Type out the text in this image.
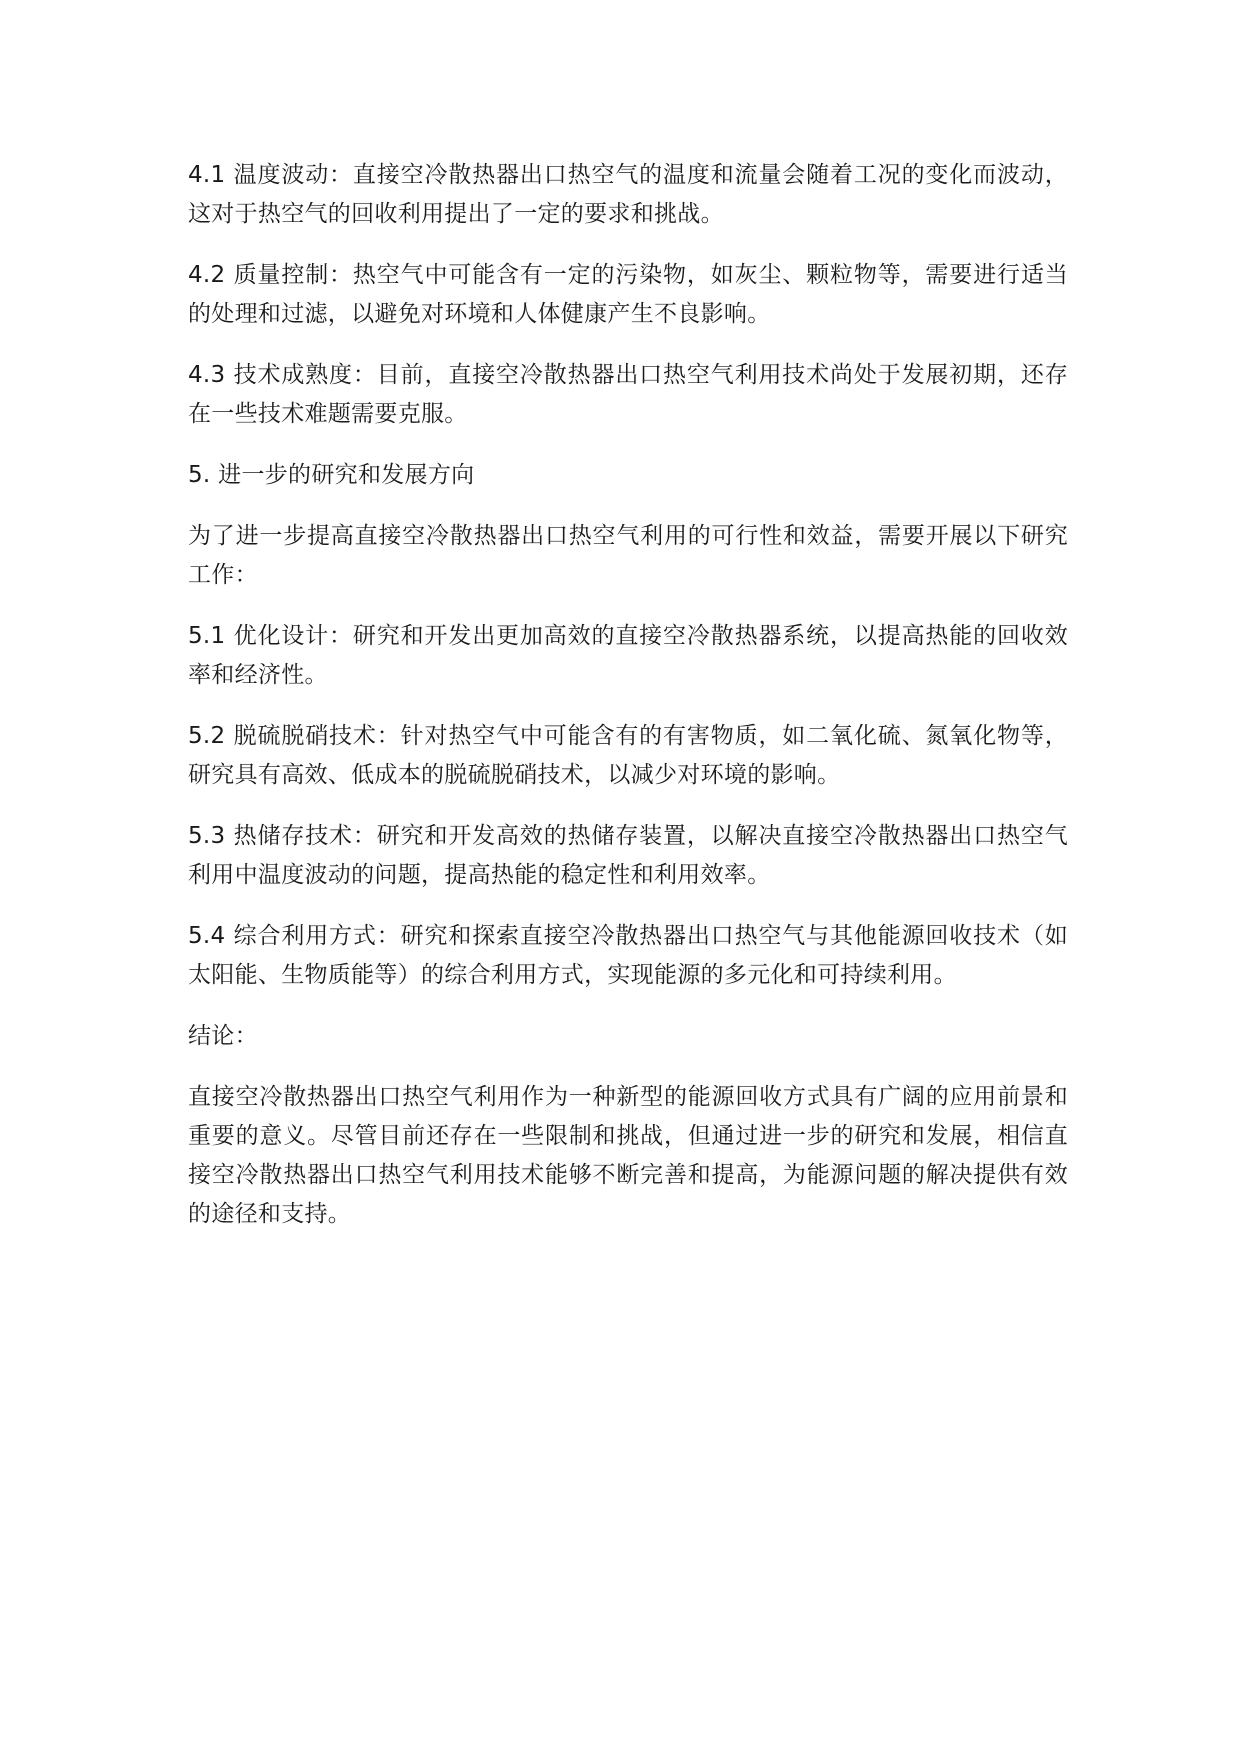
4.1 温度波动：直接空冷散热器出口热空气的温度和流量会随着工况的变化而波动，这对于热空气的回收利用提出了一定的要求和挑战。

4.2 质量控制：热空气中可能含有一定的污染物，如灰尘、颗粒物等，需要进行适当的处理和过滤，以避免对环境和人体健康产生不良影响。

4.3 技术成熟度：目前，直接空冷散热器出口热空气利用技术尚处于发展初期，还存在一些技术难题需要克服。

5. 进一步的研究和发展方向

为了进一步提高直接空冷散热器出口热空气利用的可行性和效益，需要开展以下研究工作：

5.1 优化设计：研究和开发出更加高效的直接空冷散热器系统，以提高热能的回收效率和经济性。

5.2 脱硫脱硝技术：针对热空气中可能含有的有害物质，如二氧化硫、氮氧化物等，研究具有高效、低成本的脱硫脱硝技术，以减少对环境的影响。

5.3 热储存技术：研究和开发高效的热储存装置，以解决直接空冷散热器出口热空气利用中温度波动的问题，提高热能的稳定性和利用效率。

5.4 综合利用方式：研究和探索直接空冷散热器出口热空气与其他能源回收技术（如太阳能、生物质能等）的综合利用方式，实现能源的多元化和可持续利用。

结论：

直接空冷散热器出口热空气利用作为一种新型的能源回收方式具有广阔的应用前景和重要的意义。尽管目前还存在一些限制和挑战，但通过进一步的研究和发展，相信直接空冷散热器出口热空气利用技术能够不断完善和提高，为能源问题的解决提供有效的途径和支持。
